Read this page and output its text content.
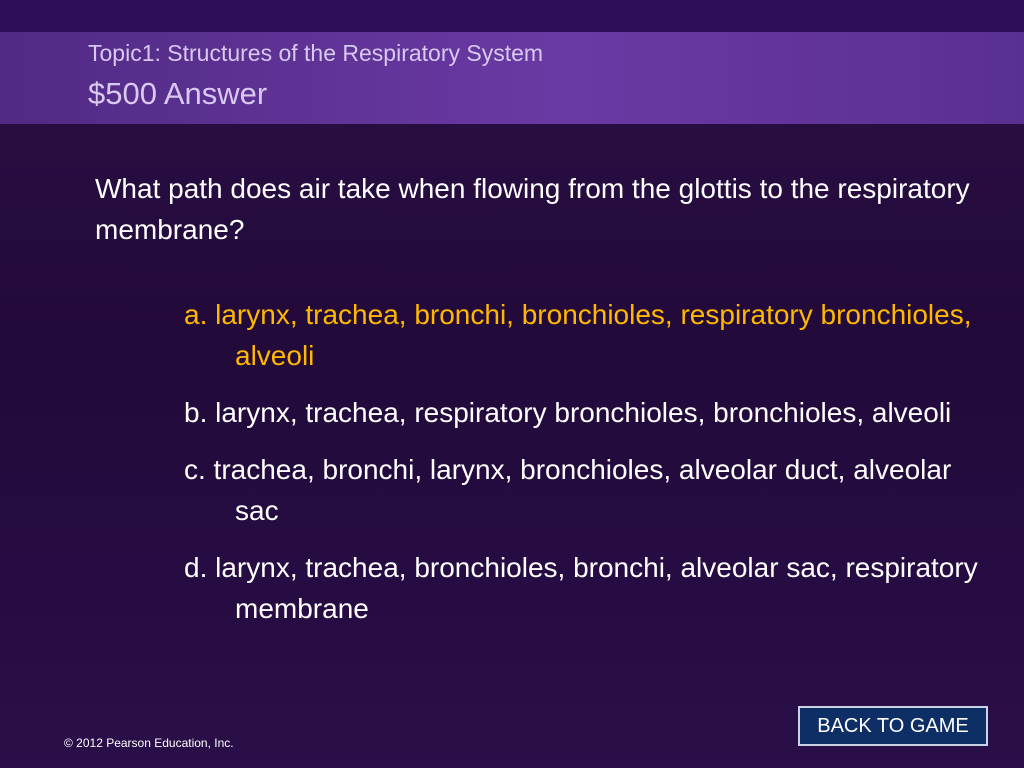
Topic1: Structures of the Respiratory System
$500 Answer
What path does air take when flowing from the glottis to the respiratory membrane?
a. larynx, trachea, bronchi, bronchioles, respiratory bronchioles, alveoli
b. larynx, trachea, respiratory bronchioles, bronchioles, alveoli
c. trachea, bronchi, larynx, bronchioles, alveolar duct, alveolar sac
d. larynx, trachea, bronchioles, bronchi, alveolar sac, respiratory membrane
BACK TO GAME
© 2012 Pearson Education, Inc.
